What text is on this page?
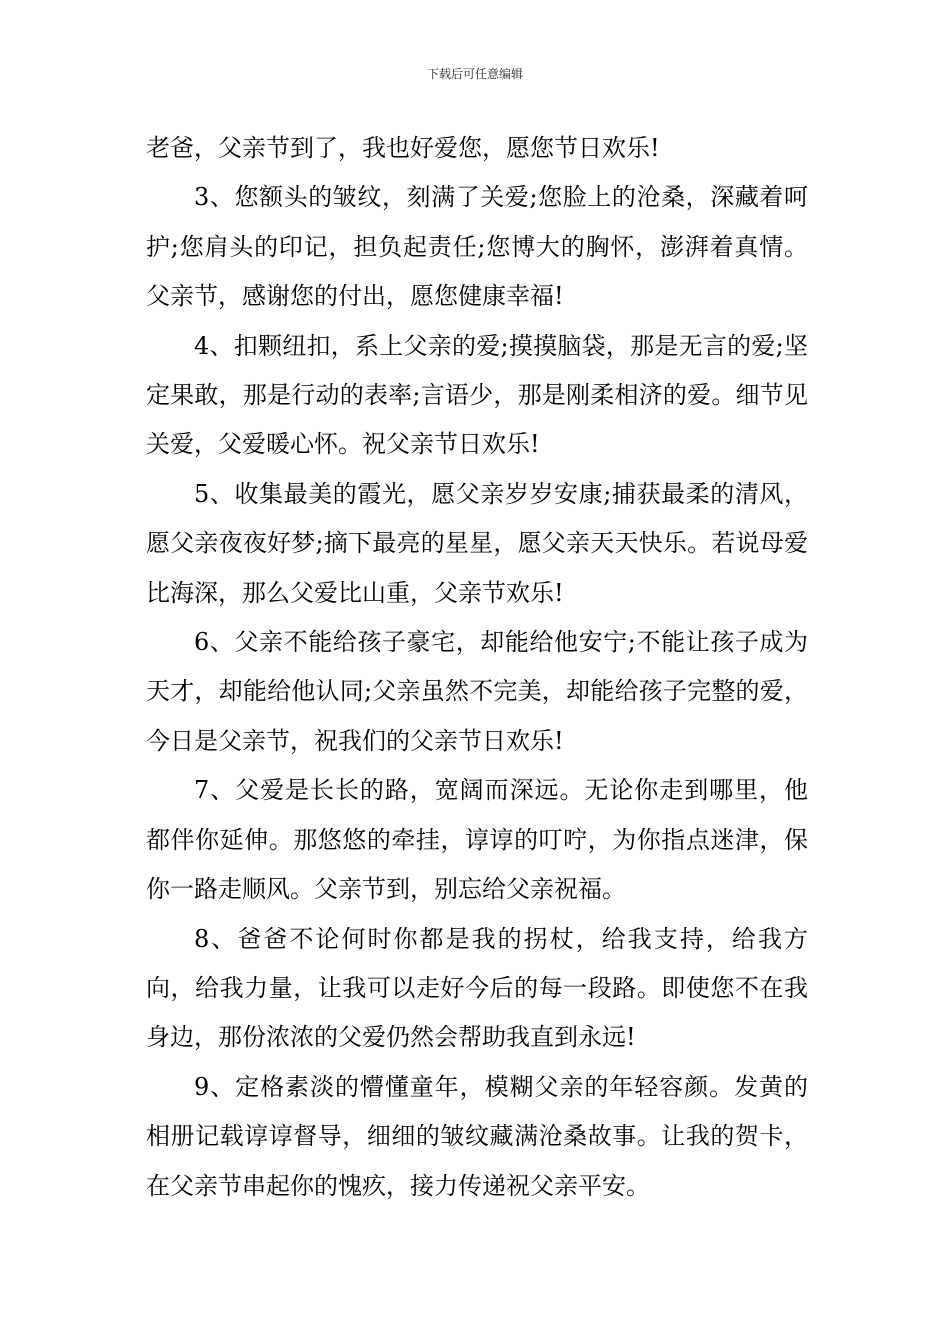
下载后可任意编辑

老爸，父亲节到了，我也好爱您，愿您节日欢乐!

3、您额头的皱纹，刻满了关爱;您脸上的沧桑，深藏着呵护;您肩头的印记，担负起责任;您博大的胸怀，澎湃着真情。父亲节，感谢您的付出，愿您健康幸福!

4、扣颗纽扣，系上父亲的爱;摸摸脑袋，那是无言的爱;坚定果敢，那是行动的表率;言语少，那是刚柔相济的爱。细节见关爱，父爱暖心怀。祝父亲节日欢乐!

5、收集最美的霞光，愿父亲岁岁安康;捕获最柔的清风，愿父亲夜夜好梦;摘下最亮的星星，愿父亲天天快乐。若说母爱比海深，那么父爱比山重，父亲节欢乐!

6、父亲不能给孩子豪宅，却能给他安宁;不能让孩子成为天才，却能给他认同;父亲虽然不完美，却能给孩子完整的爱，今日是父亲节，祝我们的父亲节日欢乐!

7、父爱是长长的路，宽阔而深远。无论你走到哪里，他都伴你延伸。那悠悠的牵挂，谆谆的叮咛，为你指点迷津，保你一路走顺风。父亲节到，别忘给父亲祝福。

8、爸爸不论何时你都是我的拐杖，给我支持，给我方向，给我力量，让我可以走好今后的每一段路。即使您不在我身边，那份浓浓的父爱仍然会帮助我直到永远!

9、定格素淡的懵懂童年，模糊父亲的年轻容颜。发黄的相册记载谆谆督导，细细的皱纹藏满沧桑故事。让我的贺卡，在父亲节串起你的愧疚，接力传递祝父亲平安。
